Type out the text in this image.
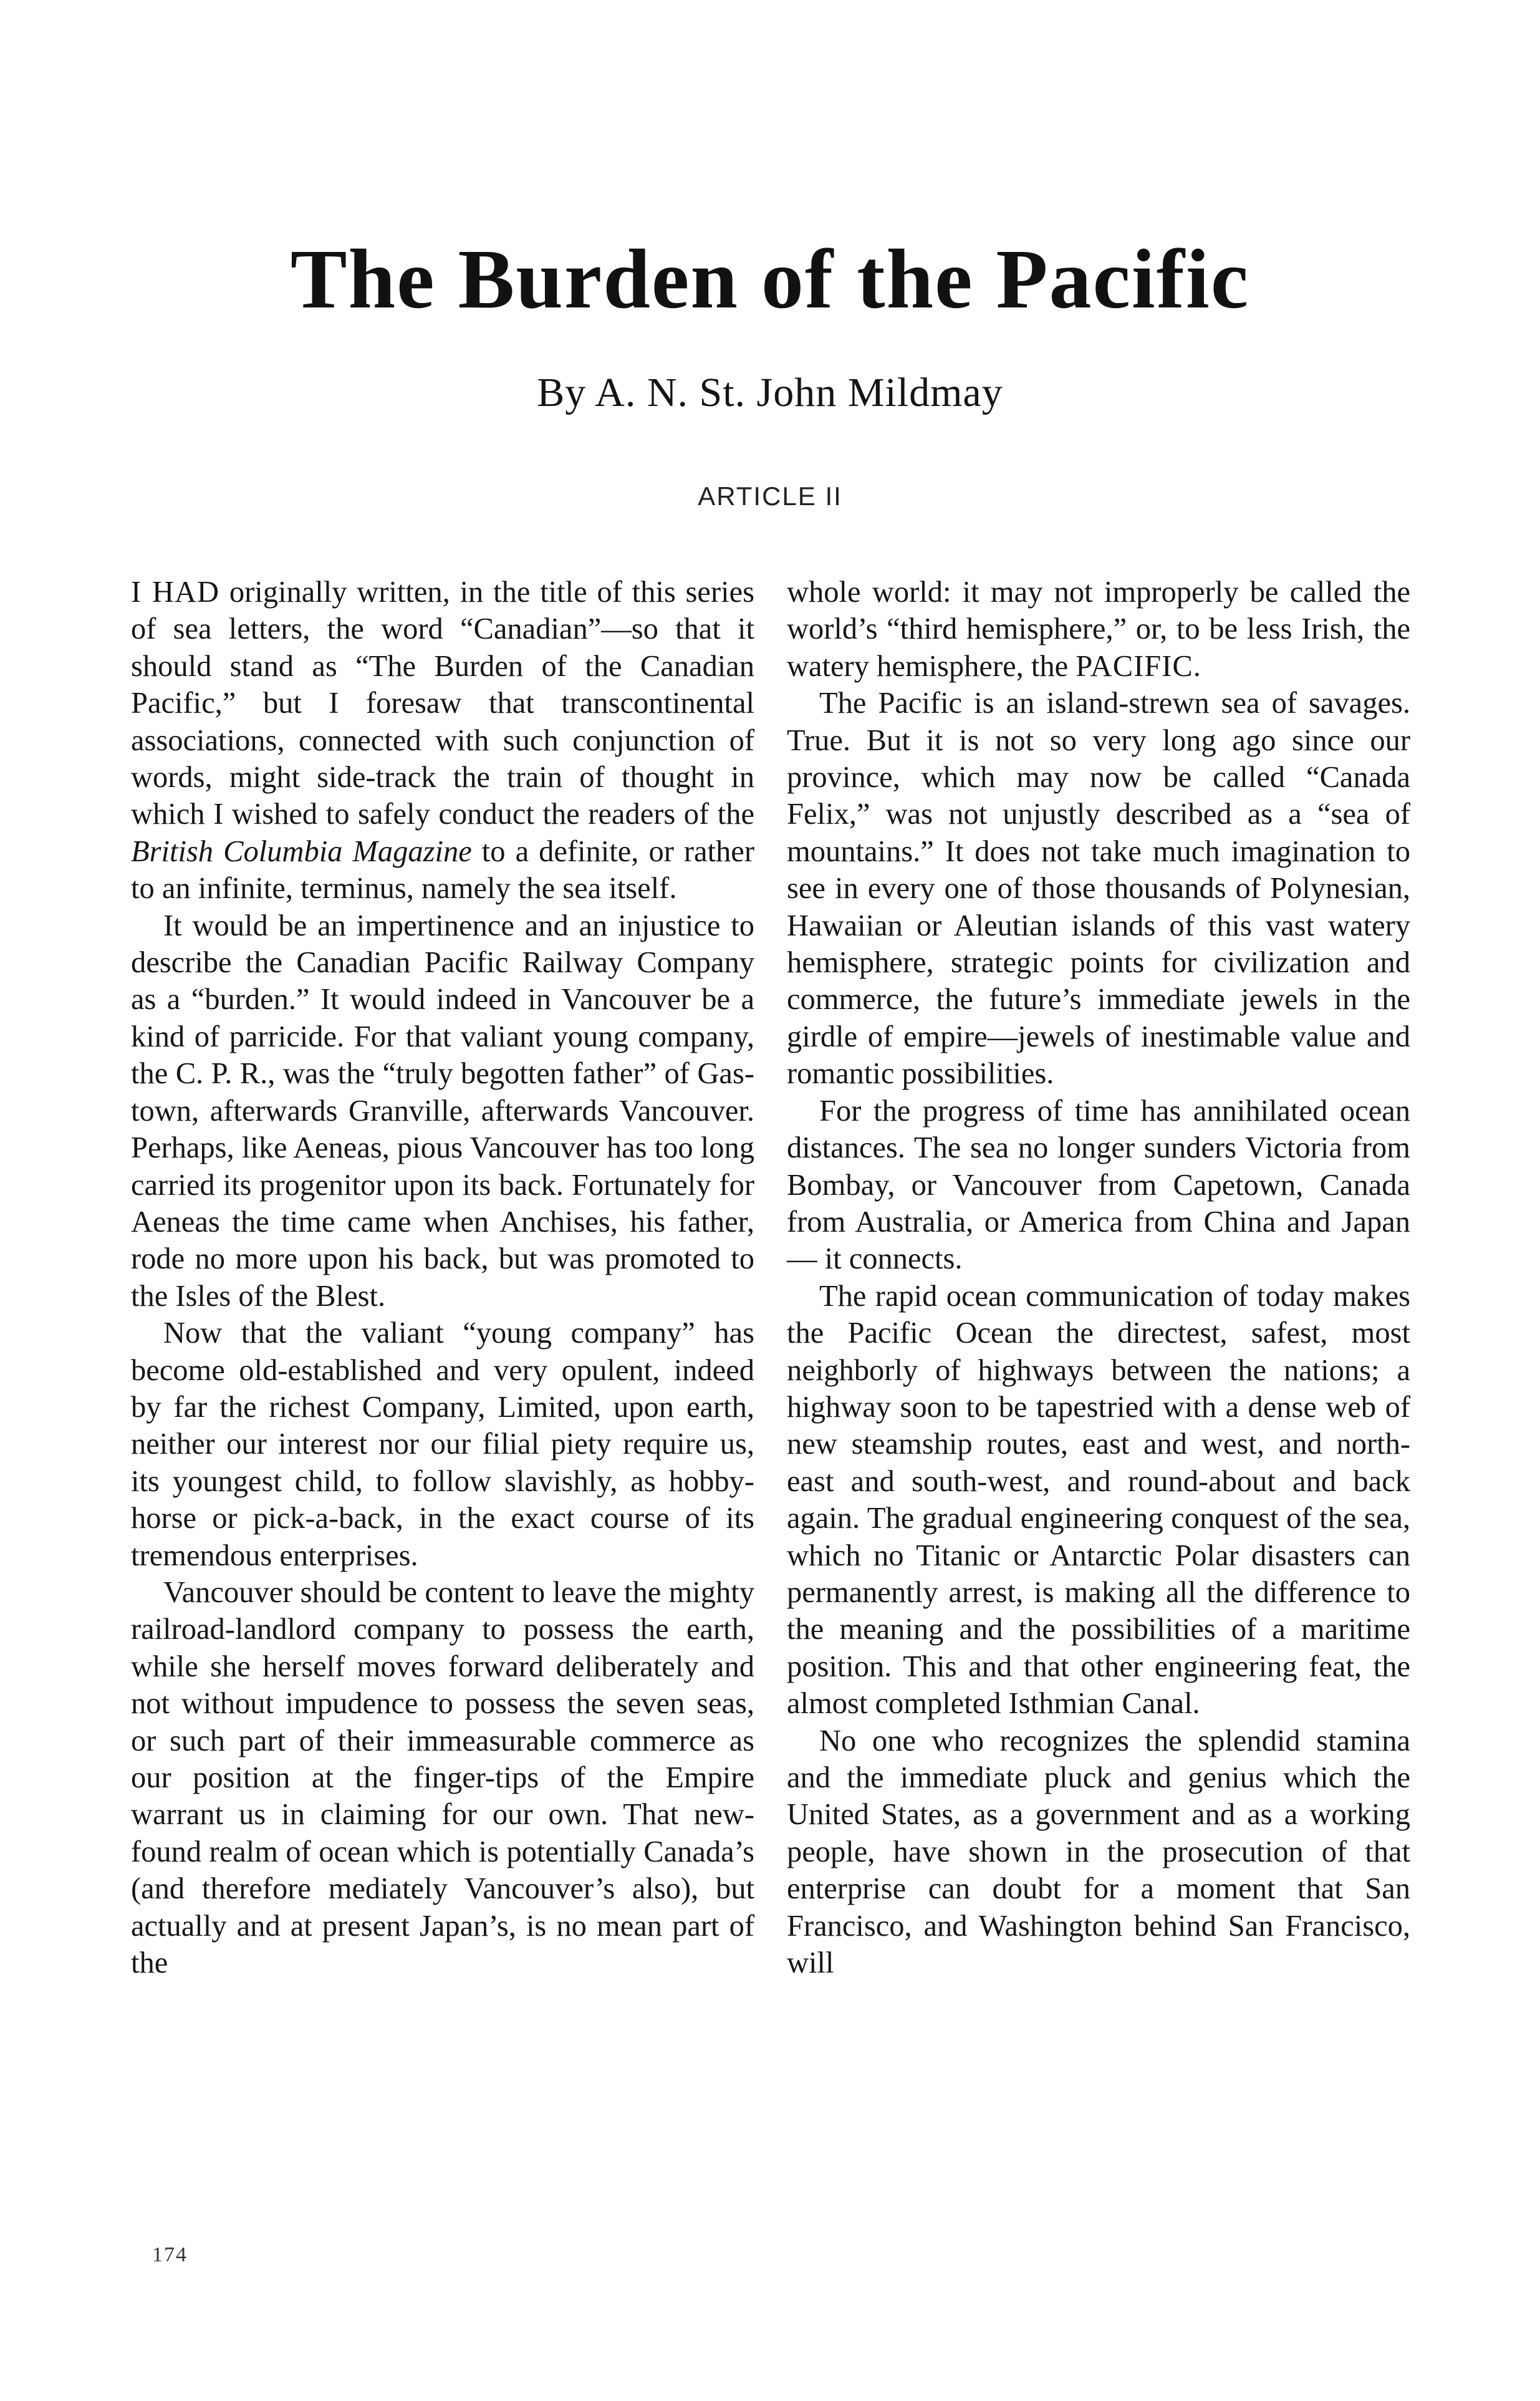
The Burden of the Pacific
By A. N. St. John Mildmay
ARTICLE II

I HAD originally written, in the title of this series of sea letters, the word “Canadian”—so that it should stand as “The Burden of the Canadian Pacific,” but I foresaw that transcontinental associations, connected with such conjunction of words, might side-track the train of thought in which I wished to safely conduct the readers of the British Columbia Magazine to a definite, or rather to an infinite, terminus, namely the sea itself.

It would be an impertinence and an injustice to describe the Canadian Pacific Railway Company as a “burden.” It would indeed in Vancouver be a kind of parricide. For that valiant young company, the C. P. R., was the “truly begotten father” of Gas-town, afterwards Granville, afterwards Vancouver. Perhaps, like Aeneas, pious Vancouver has too long carried its progenitor upon its back. Fortunately for Aeneas the time came when Anchises, his father, rode no more upon his back, but was promoted to the Isles of the Blest.

Now that the valiant “young company” has become old-established and very opulent, indeed by far the richest Company, Limited, upon earth, neither our interest nor our filial piety require us, its youngest child, to follow slavishly, as hobby-horse or pick-a-back, in the exact course of its tremendous enterprises.

Vancouver should be content to leave the mighty railroad-landlord company to possess the earth, while she herself moves forward deliberately and not without impudence to possess the seven seas, or such part of their immeasurable commerce as our position at the finger-tips of the Empire warrant us in claiming for our own. That new-found realm of ocean which is potentially Canada’s (and therefore mediately Vancouver’s also), but actually and at present Japan’s, is no mean part of the

whole world: it may not improperly be called the world’s “third hemisphere,” or, to be less Irish, the watery hemisphere, the PACIFIC.

The Pacific is an island-strewn sea of savages. True. But it is not so very long ago since our province, which may now be called “Canada Felix,” was not unjustly described as a “sea of mountains.” It does not take much imagination to see in every one of those thousands of Polynesian, Hawaiian or Aleutian islands of this vast watery hemisphere, strategic points for civilization and commerce, the future’s immediate jewels in the girdle of empire—jewels of inestimable value and romantic possibilities.

For the progress of time has annihilated ocean distances. The sea no longer sunders Victoria from Bombay, or Vancouver from Capetown, Canada from Australia, or America from China and Japan — it connects.

The rapid ocean communication of today makes the Pacific Ocean the directest, safest, most neighborly of highways between the nations; a highway soon to be tapestried with a dense web of new steamship routes, east and west, and north-east and south-west, and round-about and back again. The gradual engineering conquest of the sea, which no Titanic or Antarctic Polar disasters can permanently arrest, is making all the difference to the meaning and the possibilities of a maritime position. This and that other engineering feat, the almost completed Isthmian Canal.

No one who recognizes the splendid stamina and the immediate pluck and genius which the United States, as a government and as a working people, have shown in the prosecution of that enterprise can doubt for a moment that San Francisco, and Washington behind San Francisco, will

174
